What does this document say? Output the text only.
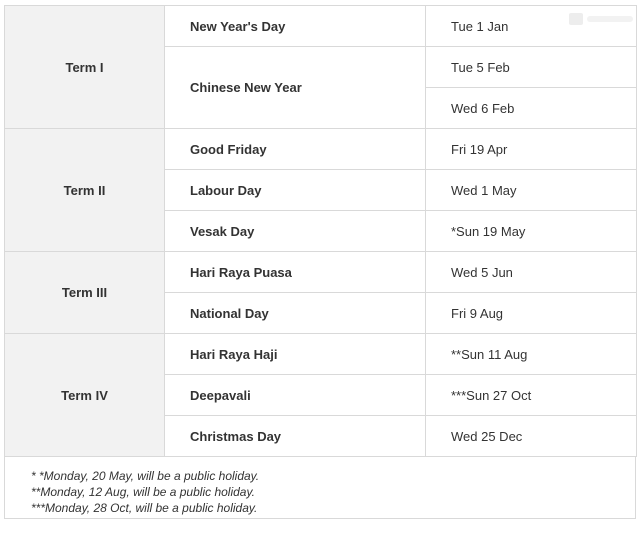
Term I	New Year's Day	Tue 1 Jan
	Chinese New Year	Tue 5 Feb
		Wed 6 Feb
Term II	Good Friday	Fri 19 Apr
	Labour Day	Wed 1 May
	Vesak Day	*Sun 19 May
Term III	Hari Raya Puasa	Wed 5 Jun
	National Day	Fri 9 Aug
Term IV	Hari Raya Haji	**Sun 11 Aug
	Deepavali	***Sun 27 Oct
	Christmas Day	Wed 25 Dec
* *Monday, 20 May, will be a public holiday.
**Monday, 12 Aug, will be a public holiday.
***Monday, 28 Oct, will be a public holiday.
